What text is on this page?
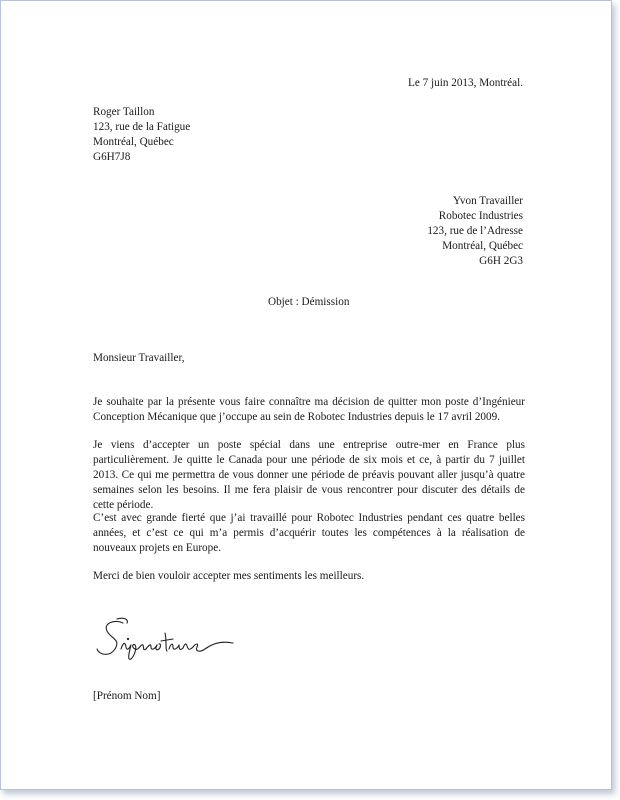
Le 7 juin 2013, Montréal.
Roger Taillon
123, rue de la Fatigue
Montréal, Québec
G6H7J8
Yvon Travailler
Robotec Industries
123, rue de l’Adresse
Montréal, Québec
G6H 2G3
Objet : Démission
Monsieur Travailler,
Je souhaite par la présente vous faire connaître ma décision de quitter mon poste d’Ingénieur Conception Mécanique que j’occupe au sein de Robotec Industries depuis le 17 avril 2009.
Je viens d’accepter un poste spécial dans une entreprise outre-mer en France plus particulièrement. Je quitte le Canada pour une période de six mois et ce, à partir du 7 juillet 2013. Ce qui me permettra de vous donner une période de préavis pouvant aller jusqu’à quatre semaines selon les besoins. Il me fera plaisir de vous rencontrer pour discuter des détails de cette période.
C’est avec grande fierté que j’ai travaillé pour Robotec Industries pendant ces quatre belles années, et c’est ce qui m’a permis d’acquérir toutes les compétences à la réalisation de nouveaux projets en Europe.
Merci de bien vouloir accepter mes sentiments les meilleurs.
[Prénom Nom]
